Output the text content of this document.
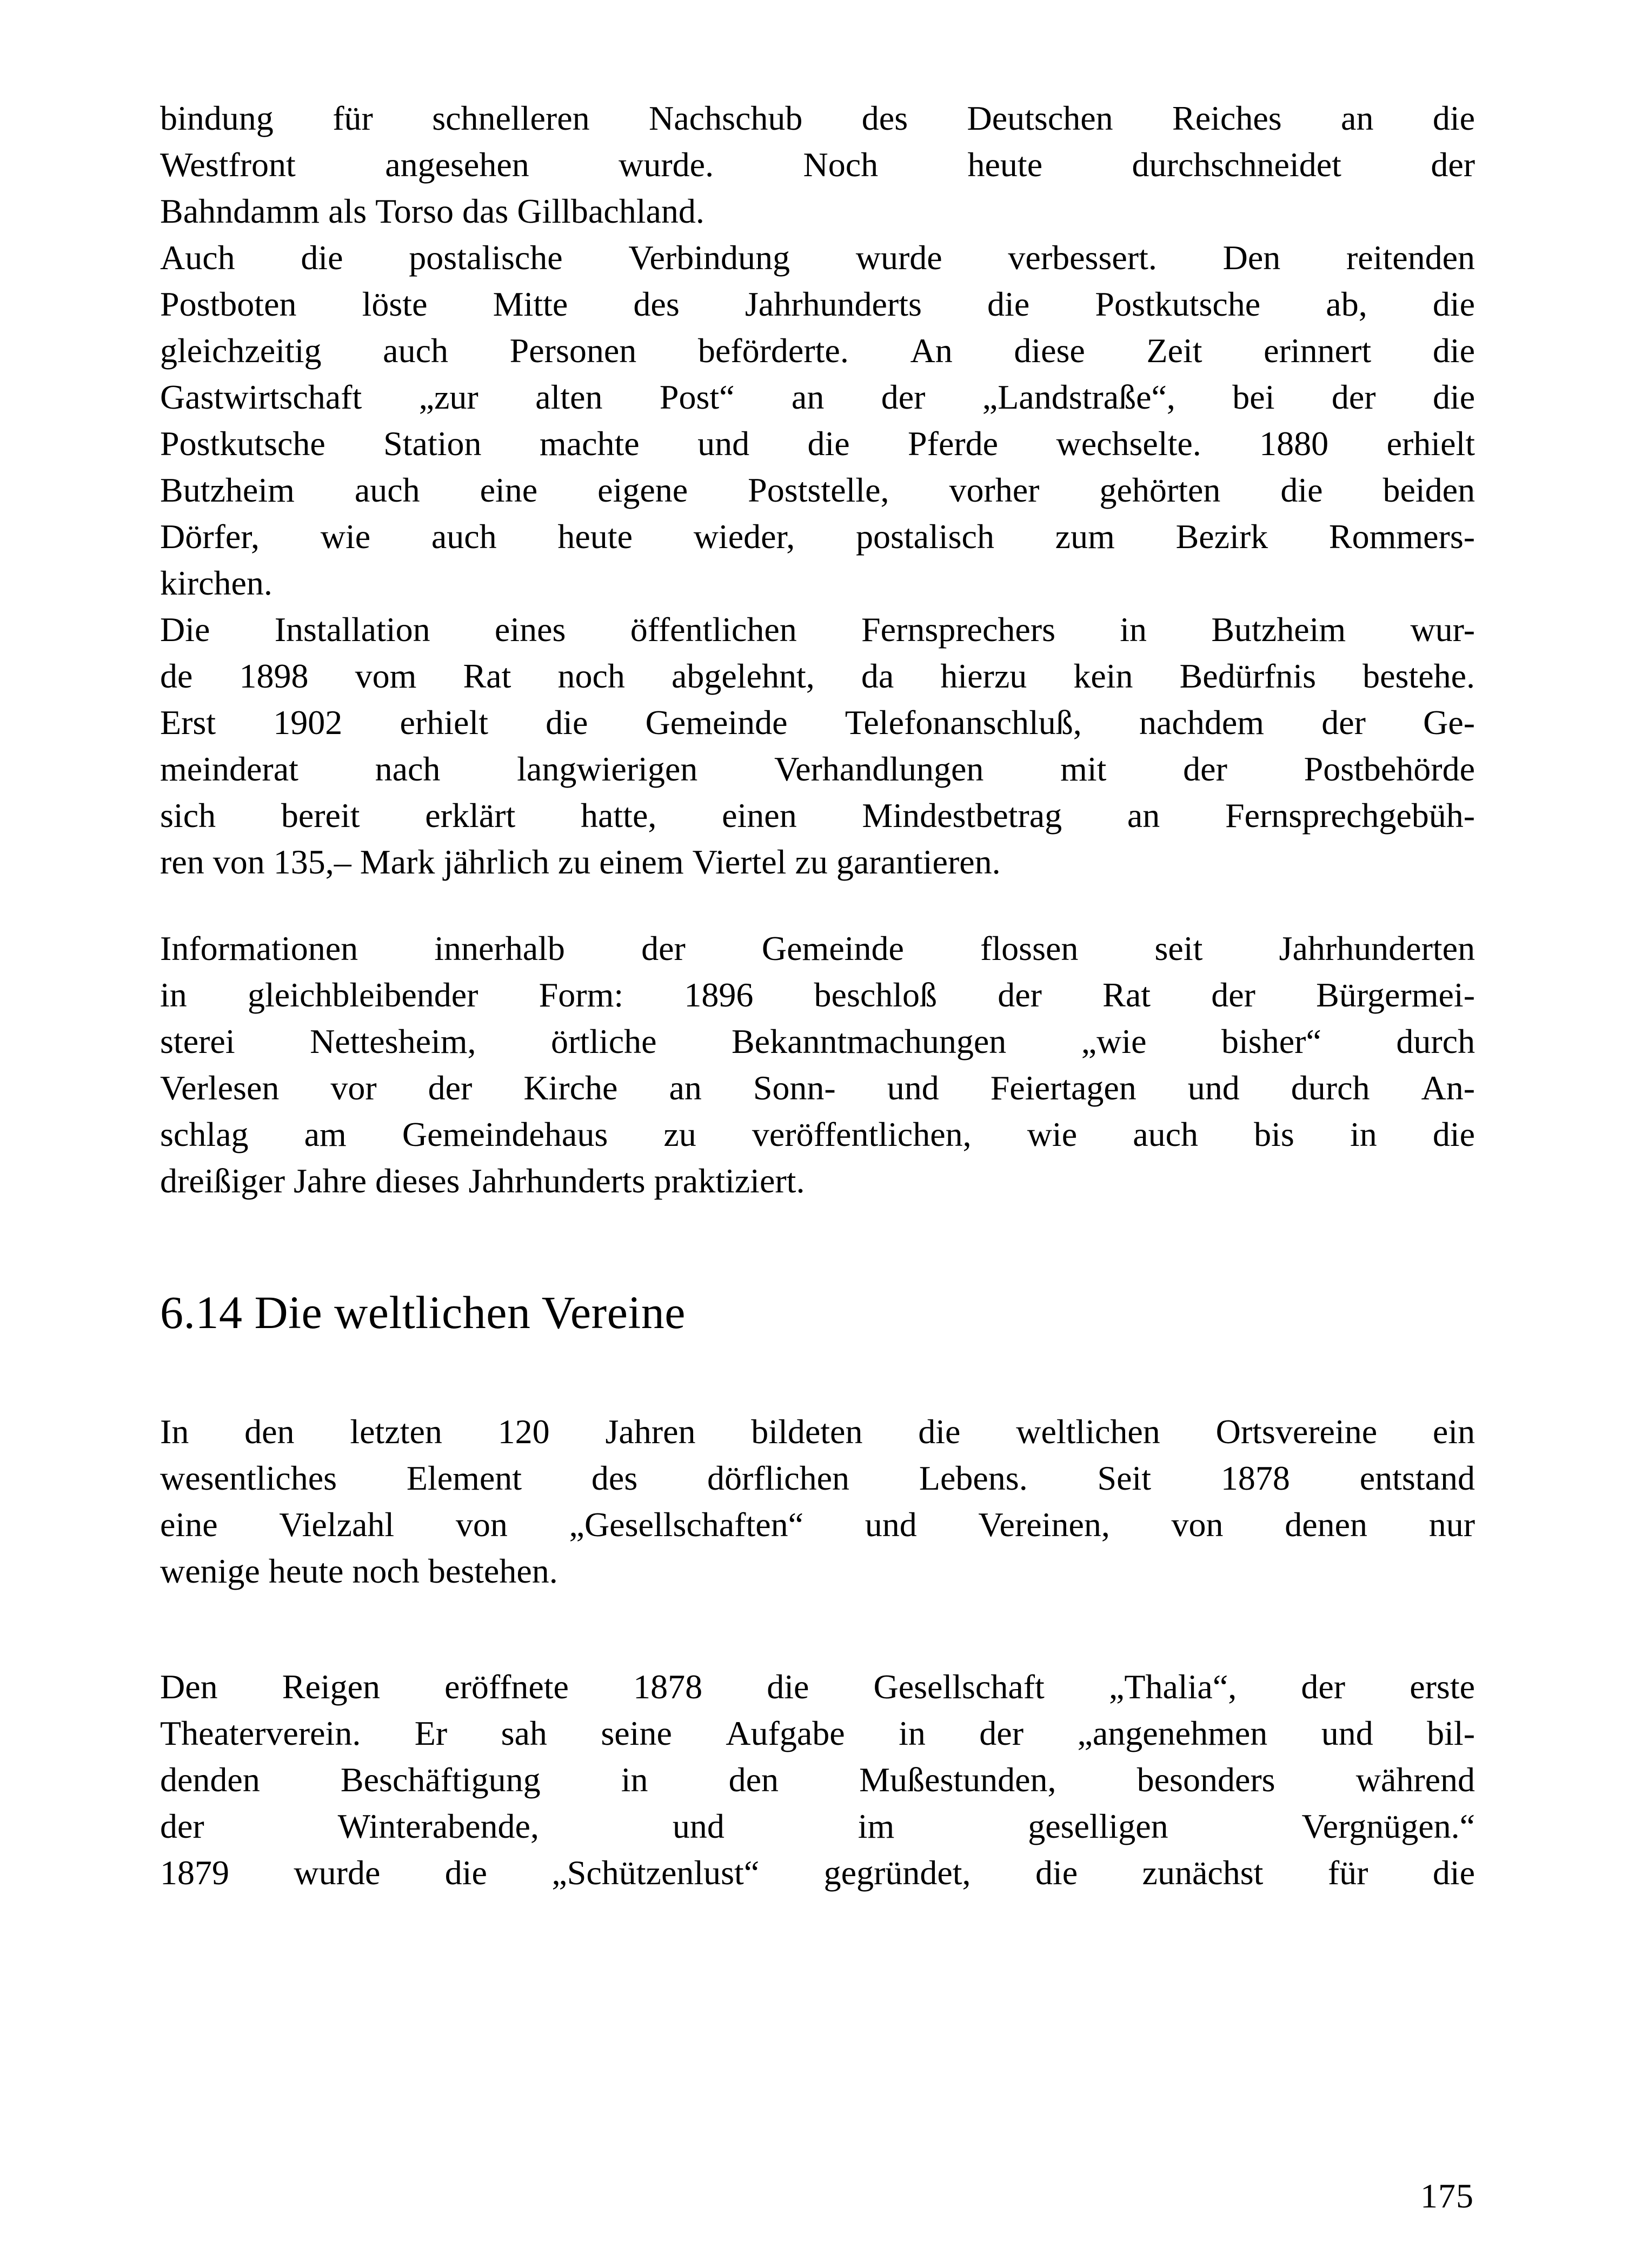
bindung für schnelleren Nachschub des Deutschen Reiches an die
Westfront	angesehen	wurde.	Noch	heute	durchschneidet	der
Bahndamm als Torso das Gillbachland.
Auch die postalische Verbindung wurde verbessert. Den reitenden
Postboten löste Mitte des Jahrhunderts die Postkutsche ab, die
gleichzeitig auch Personen beförderte. An diese Zeit erinnert die
Gastwirtschaft „zur alten Post“ an der „Landstraße“, bei der die
Postkutsche Station machte und die Pferde wechselte. 1880 erhielt
Butzheim auch eine eigene Poststelle, vorher gehörten die beiden
Dörfer, wie auch heute wieder, postalisch zum Bezirk Rommers-
kirchen.
Die Installation eines öffentlichen Fernsprechers in Butzheim wur-
de 1898 vom Rat noch abgelehnt, da hierzu kein Bedürfnis bestehe.
Erst 1902 erhielt die Gemeinde Telefonanschluß, nachdem der Ge-
meinderat nach langwierigen Verhandlungen mit der Postbehörde
sich bereit erklärt hatte, einen Mindestbetrag an Fernsprechgebüh-
ren von 135,– Mark jährlich zu einem Viertel zu garantieren.
Informationen innerhalb der Gemeinde flossen seit Jahrhunderten
in gleichbleibender Form: 1896 beschloß der Rat der Bürgermei-
sterei Nettesheim, örtliche Bekanntmachungen „wie bisher“ durch
Verlesen vor der Kirche an Sonn- und Feiertagen und durch An-
schlag am Gemeindehaus zu veröffentlichen, wie auch bis in die
dreißiger Jahre dieses Jahrhunderts praktiziert.
6.14 Die weltlichen Vereine
In den letzten 120 Jahren bildeten die weltlichen Ortsvereine ein
wesentliches Element des dörflichen Lebens. Seit 1878 entstand
eine Vielzahl von „Gesellschaften“ und Vereinen, von denen nur
wenige heute noch bestehen.
Den Reigen eröffnete 1878 die Gesellschaft „Thalia“, der erste
Theaterverein. Er sah seine Aufgabe in der „angenehmen und bil-
denden Beschäftigung in den Mußestunden, besonders während
der	Winterabende,	und	im	geselligen	Vergnügen.“
1879 wurde die „Schützenlust“ gegründet, die zunächst für die
175
